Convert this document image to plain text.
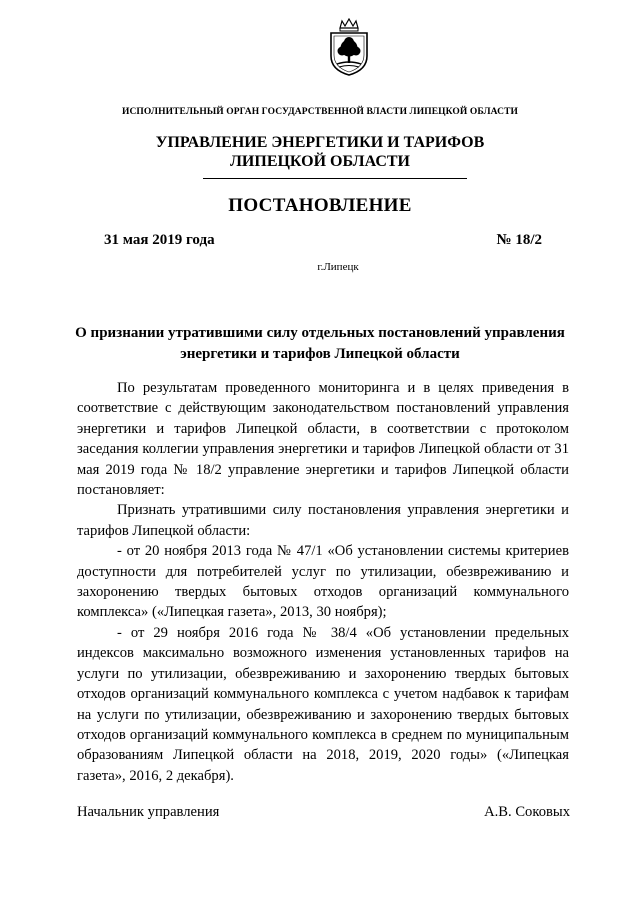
ИСПОЛНИТЕЛЬНЫЙ ОРГАН ГОСУДАРСТВЕННОЙ ВЛАСТИ ЛИПЕЦКОЙ ОБЛАСТИ
УПРАВЛЕНИЕ ЭНЕРГЕТИКИ И ТАРИФОВ
ЛИПЕЦКОЙ ОБЛАСТИ
ПОСТАНОВЛЕНИЕ
31 мая 2019 года	№ 18/2
г.Липецк
О признании утратившими силу отдельных постановлений управления
энергетики и тарифов Липецкой области

По результатам проведенного мониторинга и в целях приведения в соответствие с действующим законодательством постановлений управления энергетики и тарифов Липецкой области, в соответствии с протоколом заседания коллегии управления энергетики и тарифов Липецкой области от 31 мая 2019 года № 18/2 управление энергетики и тарифов Липецкой области постановляет:

Признать утратившими силу постановления управления энергетики и тарифов Липецкой области:

- от 20 ноября 2013 года № 47/1 «Об установлении системы критериев доступности для потребителей услуг по утилизации, обезвреживанию и захоронению твердых бытовых отходов организаций коммунального комплекса» («Липецкая газета», 2013, 30 ноября);

- от 29 ноября 2016 года № 38/4 «Об установлении предельных индексов максимально возможного изменения установленных тарифов на услуги по утилизации, обезвреживанию и захоронению твердых бытовых отходов организаций коммунального комплекса с учетом надбавок к тарифам на услуги по утилизации, обезвреживанию и захоронению твердых бытовых отходов организаций коммунального комплекса в среднем по муниципальным образованиям Липецкой области на 2018, 2019, 2020 годы» («Липецкая газета», 2016, 2 декабря).

Начальник управления	А.В. Соковых
